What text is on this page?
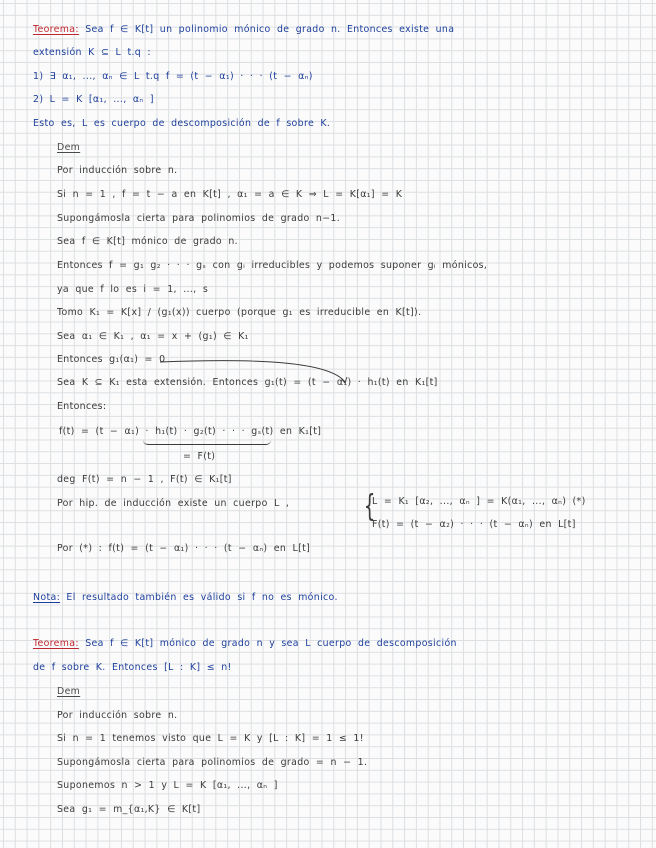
Teorema: Sea f ∈ K[t] un polinomio mónico de grado n. Entonces existe una
extensión K ⊆ L t.q :
1) ∃ α₁, ..., αₙ ∈ L t.q f = (t − α₁) · · · (t − αₙ)
2) L = K [α₁, ..., αₙ ]
Esto es, L es cuerpo de descomposición de f sobre K.
Dem
Por inducción sobre n.
Si n = 1 , f = t − a en K[t] , α₁ = a ∈ K ⇒ L = K[α₁] = K
Supongámosla cierta para polinomios de grado n−1.
Sea f ∈ K[t] mónico de grado n.
Entonces f = g₁ g₂ · · · gₛ con gᵢ irreducibles y podemos suponer gᵢ mónicos,
ya que f lo es i = 1, ..., s
Tomo K₁ = K[x] / (g₁(x)) cuerpo (porque g₁ es irreducible en K[t]).
Sea α₁ ∈ K₁ , α₁ = x + (g₁) ∈ K₁
Entonces g₁(α₁) = 0
Sea K ⊆ K₁ esta extensión. Entonces g₁(t) = (t − α₁) · h₁(t) en K₁[t]
Entonces:
f(t) = (t − α₁) · h₁(t) · g₂(t) · · · gₛ(t) en K₁[t]
= F(t)
deg F(t) = n − 1 , F(t) ∈ K₁[t]
Por hip. de inducción existe un cuerpo L , {
L = K₁ [α₂, ..., αₙ ] = K(α₁, ..., αₙ) (*)
F(t) = (t − α₂) · · · (t − αₙ) en L[t]
Por (*) : f(t) = (t − α₁) · · · (t − αₙ) en L[t]
Nota: El resultado también es válido si f no es mónico.
Teorema: Sea f ∈ K[t] mónico de grado n y sea L cuerpo de descomposición
de f sobre K. Entonces [L : K] ≤ n!
Dem
Por inducción sobre n.
Si n = 1 tenemos visto que L = K y [L : K] = 1 ≤ 1!
Supongámosla cierta para polinomios de grado = n − 1.
Suponemos n > 1 y L = K [α₁, ..., αₙ ]
Sea g₁ = m_{α₁,K} ∈ K[t]
